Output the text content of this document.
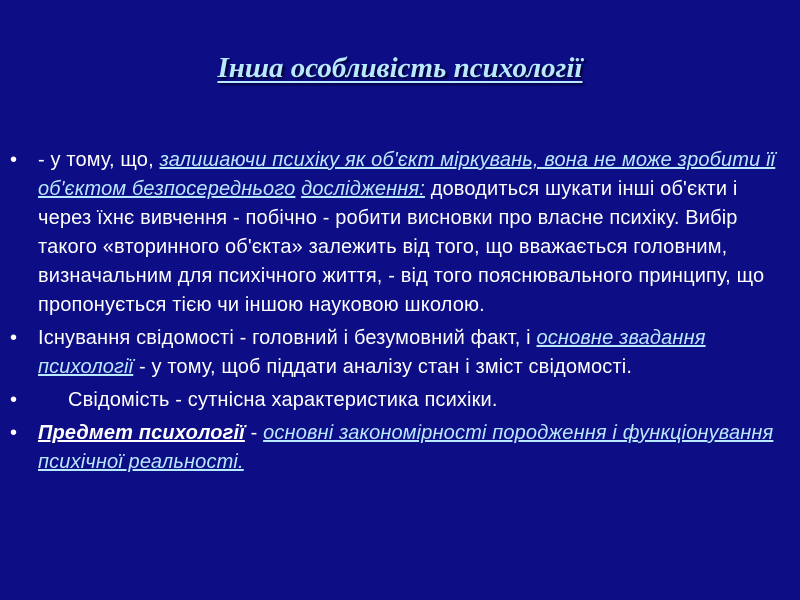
Інша особливість психології
•	- у тому, що, залишаючи психіку як об'єкт міркувань, вона не може зробити її об'єктом безпосереднього дослідження: доводиться шукати інші об'єкти і через їхнє вивчення - побічно - робити висновки про власне психіку. Вибір такого «вторинного об'єкта» залежить від того, що вважається головним, визначальним для психічного життя, - від того пояснювального принципу, що пропонується тією чи іншою науковою школою.
•	Існування свідомості - головний і безумовний факт, і основне звадання психології - у тому, щоб піддати аналізу стан і зміст свідомості.
•	Свідомість - сутнісна характеристика психіки.
•	Предмет психології - основні закономірності породження і функціонування психічної реальності.
